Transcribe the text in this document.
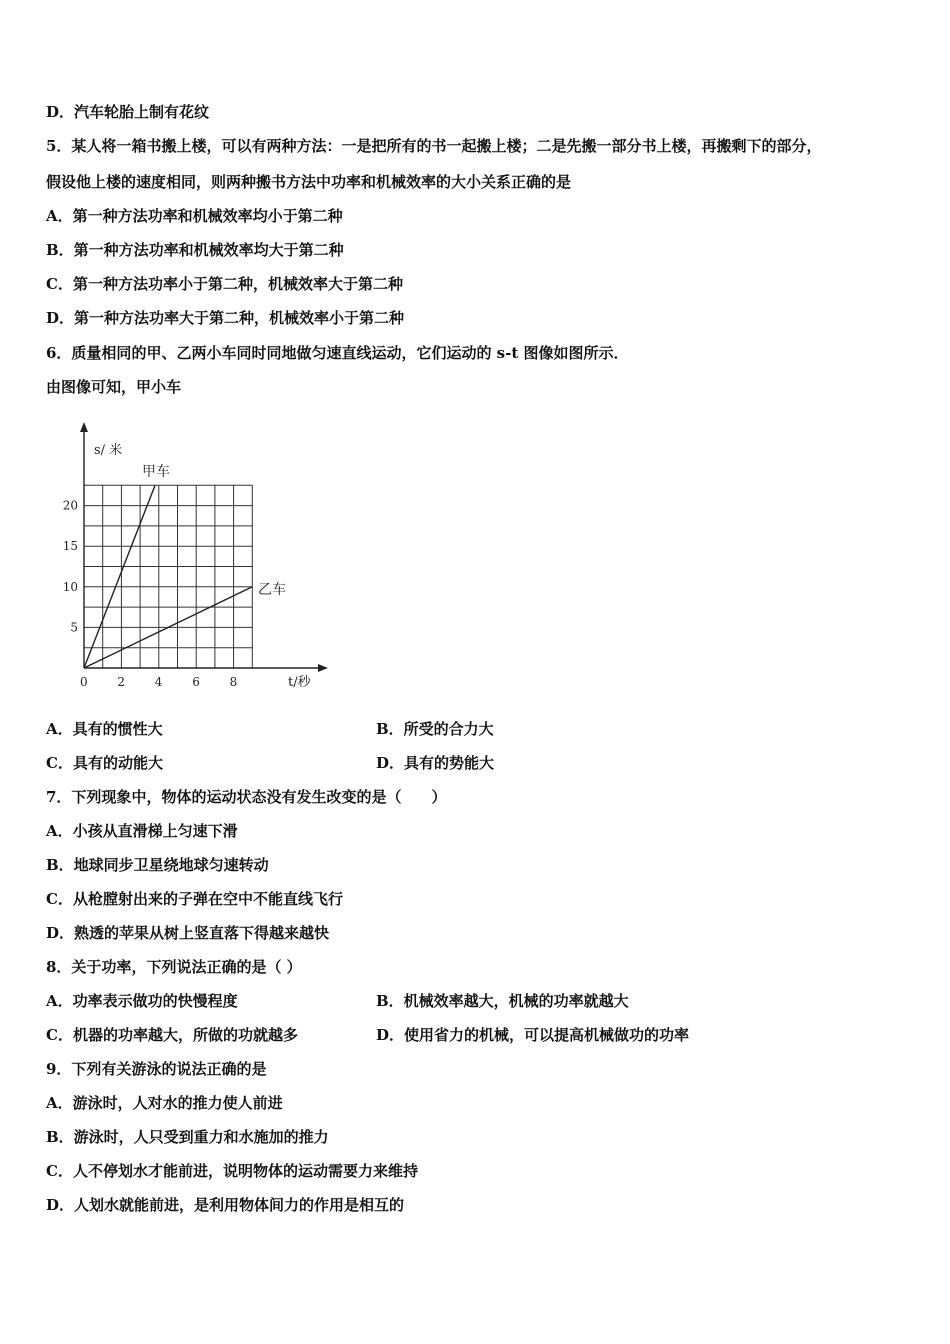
D．汽车轮胎上制有花纹
5．某人将一箱书搬上楼，可以有两种方法：一是把所有的书一起搬上楼；二是先搬一部分书上楼，再搬剩下的部分，
假设他上楼的速度相同，则两种搬书方法中功率和机械效率的大小关系正确的是
A．第一种方法功率和机械效率均小于第二种
B．第一种方法功率和机械效率均大于第二种
C．第一种方法功率小于第二种，机械效率大于第二种
D．第一种方法功率大于第二种，机械效率小于第二种
6．质量相同的甲、乙两小车同时同地做匀速直线运动，它们运动的 s-t 图像如图所示．
由图像可知，甲小车
0 2 4 6 8
5
10
15
20
s/ 米
t/秒
甲车
乙车
A．具有的惯性大	B．所受的合力大
C．具有的动能大	D．具有的势能大
7．下列现象中，物体的运动状态没有发生改变的是（　　）
A．小孩从直滑梯上匀速下滑
B．地球同步卫星绕地球匀速转动
C．从枪膛射出来的子弹在空中不能直线飞行
D．熟透的苹果从树上竖直落下得越来越快
8．关于功率，下列说法正确的是（ ）
A．功率表示做功的快慢程度	B．机械效率越大，机械的功率就越大
C．机器的功率越大，所做的功就越多	D．使用省力的机械，可以提高机械做功的功率
9．下列有关游泳的说法正确的是
A．游泳时，人对水的推力使人前进
B．游泳时，人只受到重力和水施加的推力
C．人不停划水才能前进，说明物体的运动需要力来维持
D．人划水就能前进，是利用物体间力的作用是相互的
